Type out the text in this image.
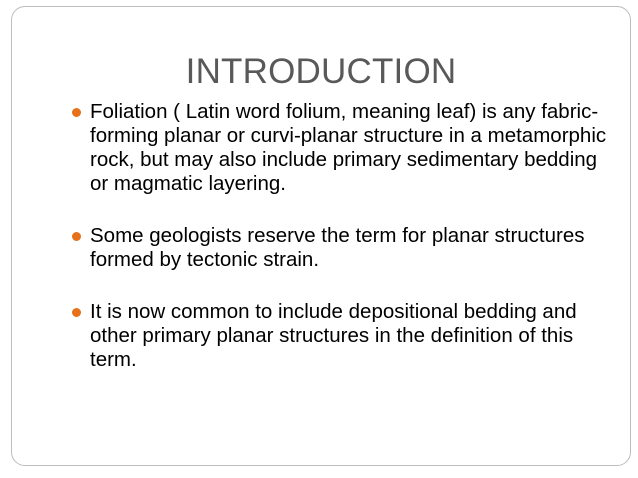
INTRODUCTION
Foliation ( Latin word folium, meaning leaf) is any fabric-forming planar or curvi-planar structure in a metamorphic rock, but may also include primary sedimentary bedding or magmatic layering.
Some geologists reserve the term for planar structures formed by tectonic strain.
It is now common to include depositional bedding and other primary planar structures in the definition of this term.
